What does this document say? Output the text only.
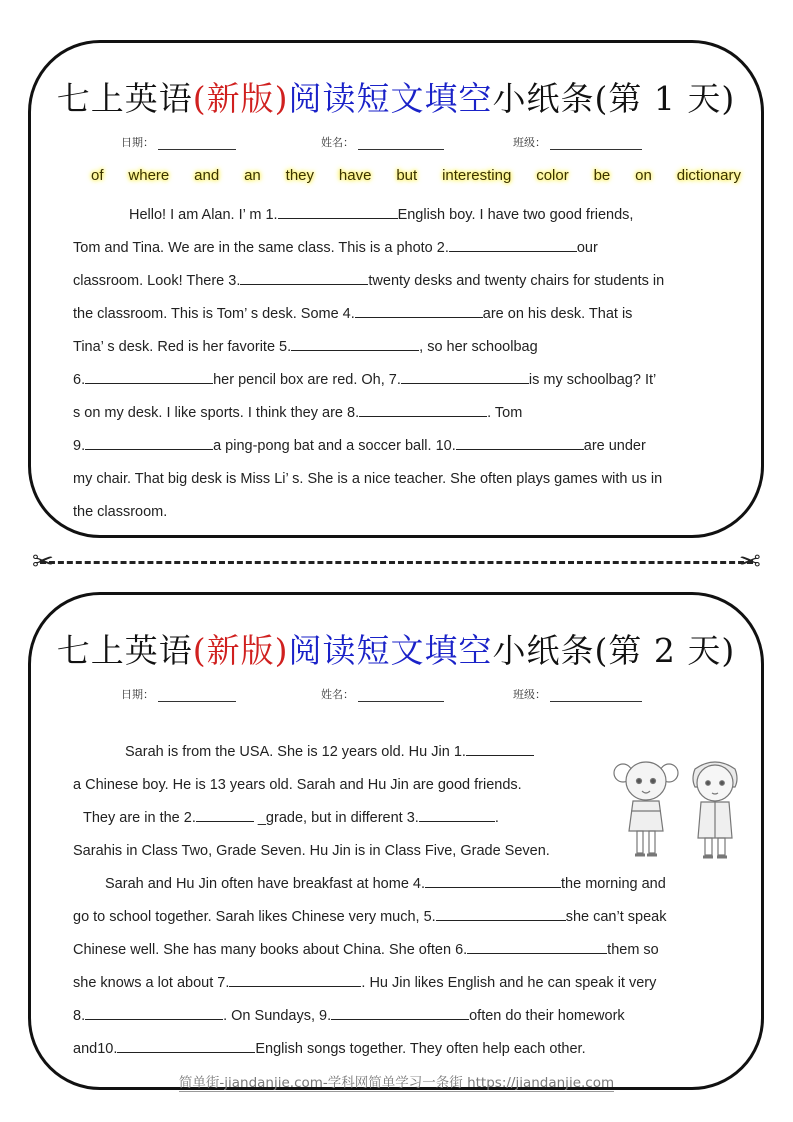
七上英语(新版)阅读短文填空小纸条(第 1 天)
日期：	姓名：	班级：
of where and an they have but interesting color be on dictionary

Hello! I am Alan. I’ m 1.	English boy. I have two good friends,

Tom and Tina. We are in the same class. This is a photo 2.	our

classroom. Look! There 3.	twenty desks and twenty chairs for students in

the classroom. This is Tom’ s desk. Some 4.	are on his desk. That is

Tina’ s desk. Red is her favorite 5.	, so her schoolbag

6.	her pencil box are red. Oh, 7.	is my schoolbag? It’

s on my desk. I like sports. I think they are 8.	. Tom

9.	a ping-pong bat and a soccer ball. 10.	are under

my chair. That big desk is Miss Li’ s. She is a nice teacher. She often plays games with us in

the classroom.

✂	✂
七上英语(新版)阅读短文填空小纸条(第 2 天)
日期：	姓名：	班级：

Sarah is from the USA. She is 12 years old. Hu Jin 1.

a Chinese boy. He is 13 years old. Sarah and Hu Jin are good friends.

They are in the 2.	_grade, but in different 3.	.

Sarahis in Class Two, Grade Seven. Hu Jin is in Class Five, Grade Seven.

Sarah and Hu Jin often have breakfast at home 4.	the morning and

go to school together. Sarah likes Chinese very much, 5.	she can’t speak

Chinese well. She has many books about China. She often 6.	them so

she knows a lot about 7.	. Hu Jin likes English and he can speak it very

8.	. On Sundays, 9.	often do their homework

and10.	English songs together. They often help each other.

简单街-jiandanjie.com-学科网简单学习一条街 https://jiandanjie.com
